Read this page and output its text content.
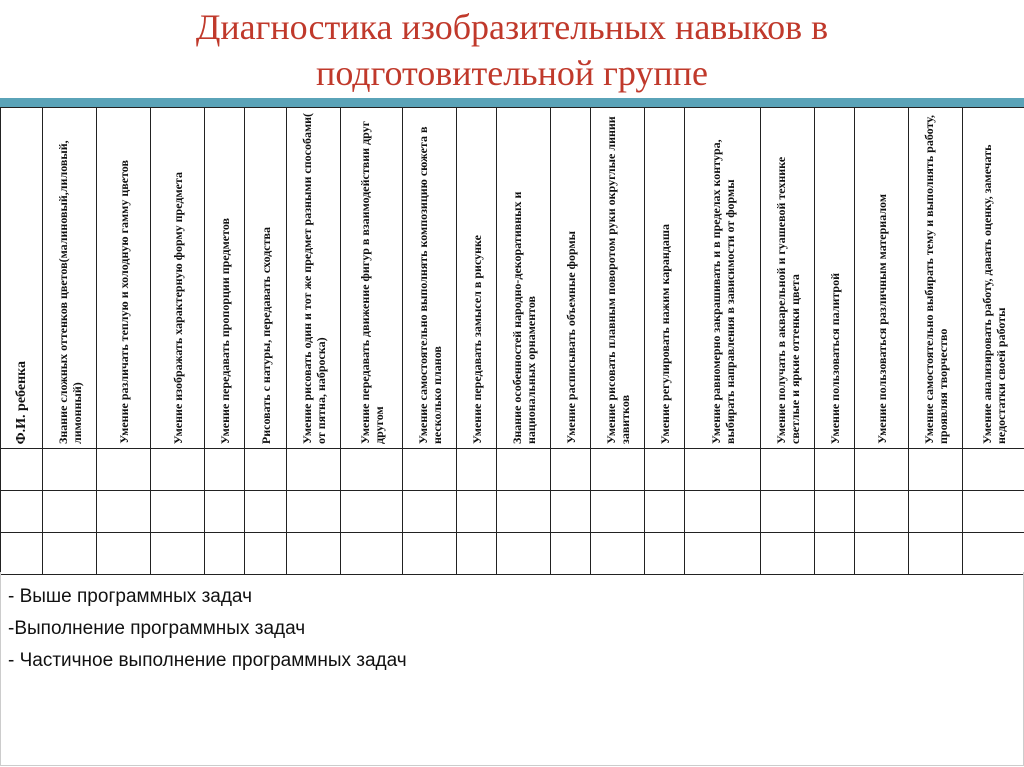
Диагностика изобразительных навыков в
подготовительной группе
Ф.И. ребенка	Знание сложных оттенков цветов(малиновый,лиловый, лимонный)	Умение различать теплую и холодную гамму цветов	Умение изображать характерную форму предмета	Умение передавать пропорции предметов	Рисовать с натуры, передавать сходства	Умение рисовать один и тот же предмет разными способами( от пятна, наброска)	Умение передавать движение фигур в взаимодействии друг другом	Умение самостоятельно выполнять композицию сюжета в несколько планов	Умение передавать замысел в рисунке	Знание особенностей народно-декоративных и национальных орнаментов	Умение расписывать объемные формы	Умение рисовать плавным поворотом руки округлые линии завитков	Умение регулировать нажим карандаша	Умение равномерно закрашивать и в пределах контура, выбирать направления в зависимости от формы	Умение получать в акварельной и гуашевой технике светлые и яркие оттенки цвета	Умение пользоваться палитрой	Умение пользоваться различным материалом	Умение самостоятельно выбирать тему и выполнять работу, проявляя творчество	Умение анализировать работу, давать оценку, замечать недостатки своей работы

- Выше программных задач
-Выполнение программных задач
- Частичное выполнение программных задач
